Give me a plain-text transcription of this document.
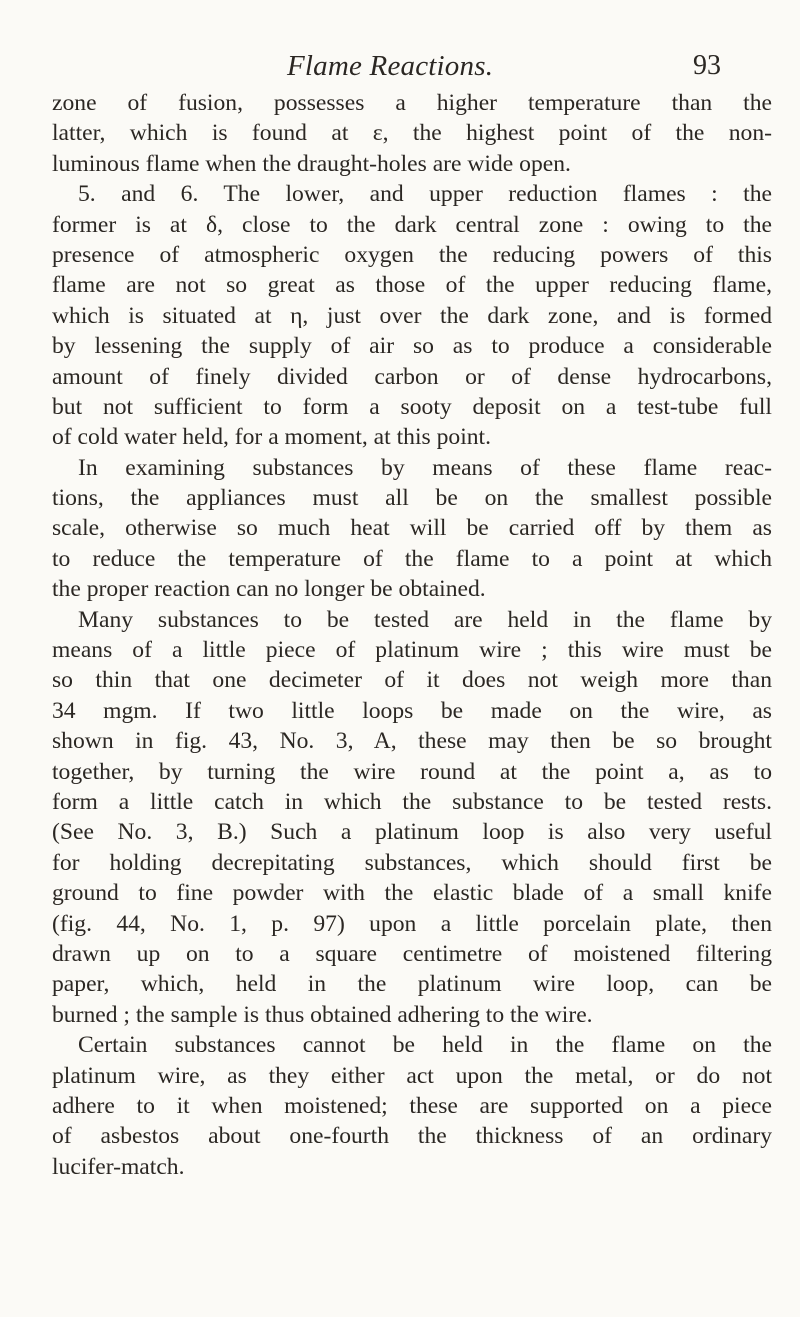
Flame Reactions.	93
zone of fusion, possesses a higher temperature than the
latter, which is found at ε, the highest point of the non-
luminous flame when the draught-holes are wide open.
5. and 6. The lower, and upper reduction flames : the
former is at δ, close to the dark central zone : owing to the
presence of atmospheric oxygen the reducing powers of this
flame are not so great as those of the upper reducing flame,
which is situated at η, just over the dark zone, and is formed
by lessening the supply of air so as to produce a considerable
amount of finely divided carbon or of dense hydrocarbons,
but not sufficient to form a sooty deposit on a test-tube full
of cold water held, for a moment, at this point.
In examining substances by means of these flame reac-
tions, the appliances must all be on the smallest possible
scale, otherwise so much heat will be carried off by them as
to reduce the temperature of the flame to a point at which
the proper reaction can no longer be obtained.
Many substances to be tested are held in the flame by
means of a little piece of platinum wire ; this wire must be
so thin that one decimeter of it does not weigh more than
34 mgm. If two little loops be made on the wire, as
shown in fig. 43, No. 3, A, these may then be so brought
together, by turning the wire round at the point a, as to
form a little catch in which the substance to be tested rests.
(See No. 3, B.) Such a platinum loop is also very useful
for holding decrepitating substances, which should first be
ground to fine powder with the elastic blade of a small knife
(fig. 44, No. 1, p. 97) upon a little porcelain plate, then
drawn up on to a square centimetre of moistened filtering
paper, which, held in the platinum wire loop, can be
burned ; the sample is thus obtained adhering to the wire.
Certain substances cannot be held in the flame on the
platinum wire, as they either act upon the metal, or do not
adhere to it when moistened; these are supported on a piece
of asbestos about one-fourth the thickness of an ordinary
lucifer-match.
